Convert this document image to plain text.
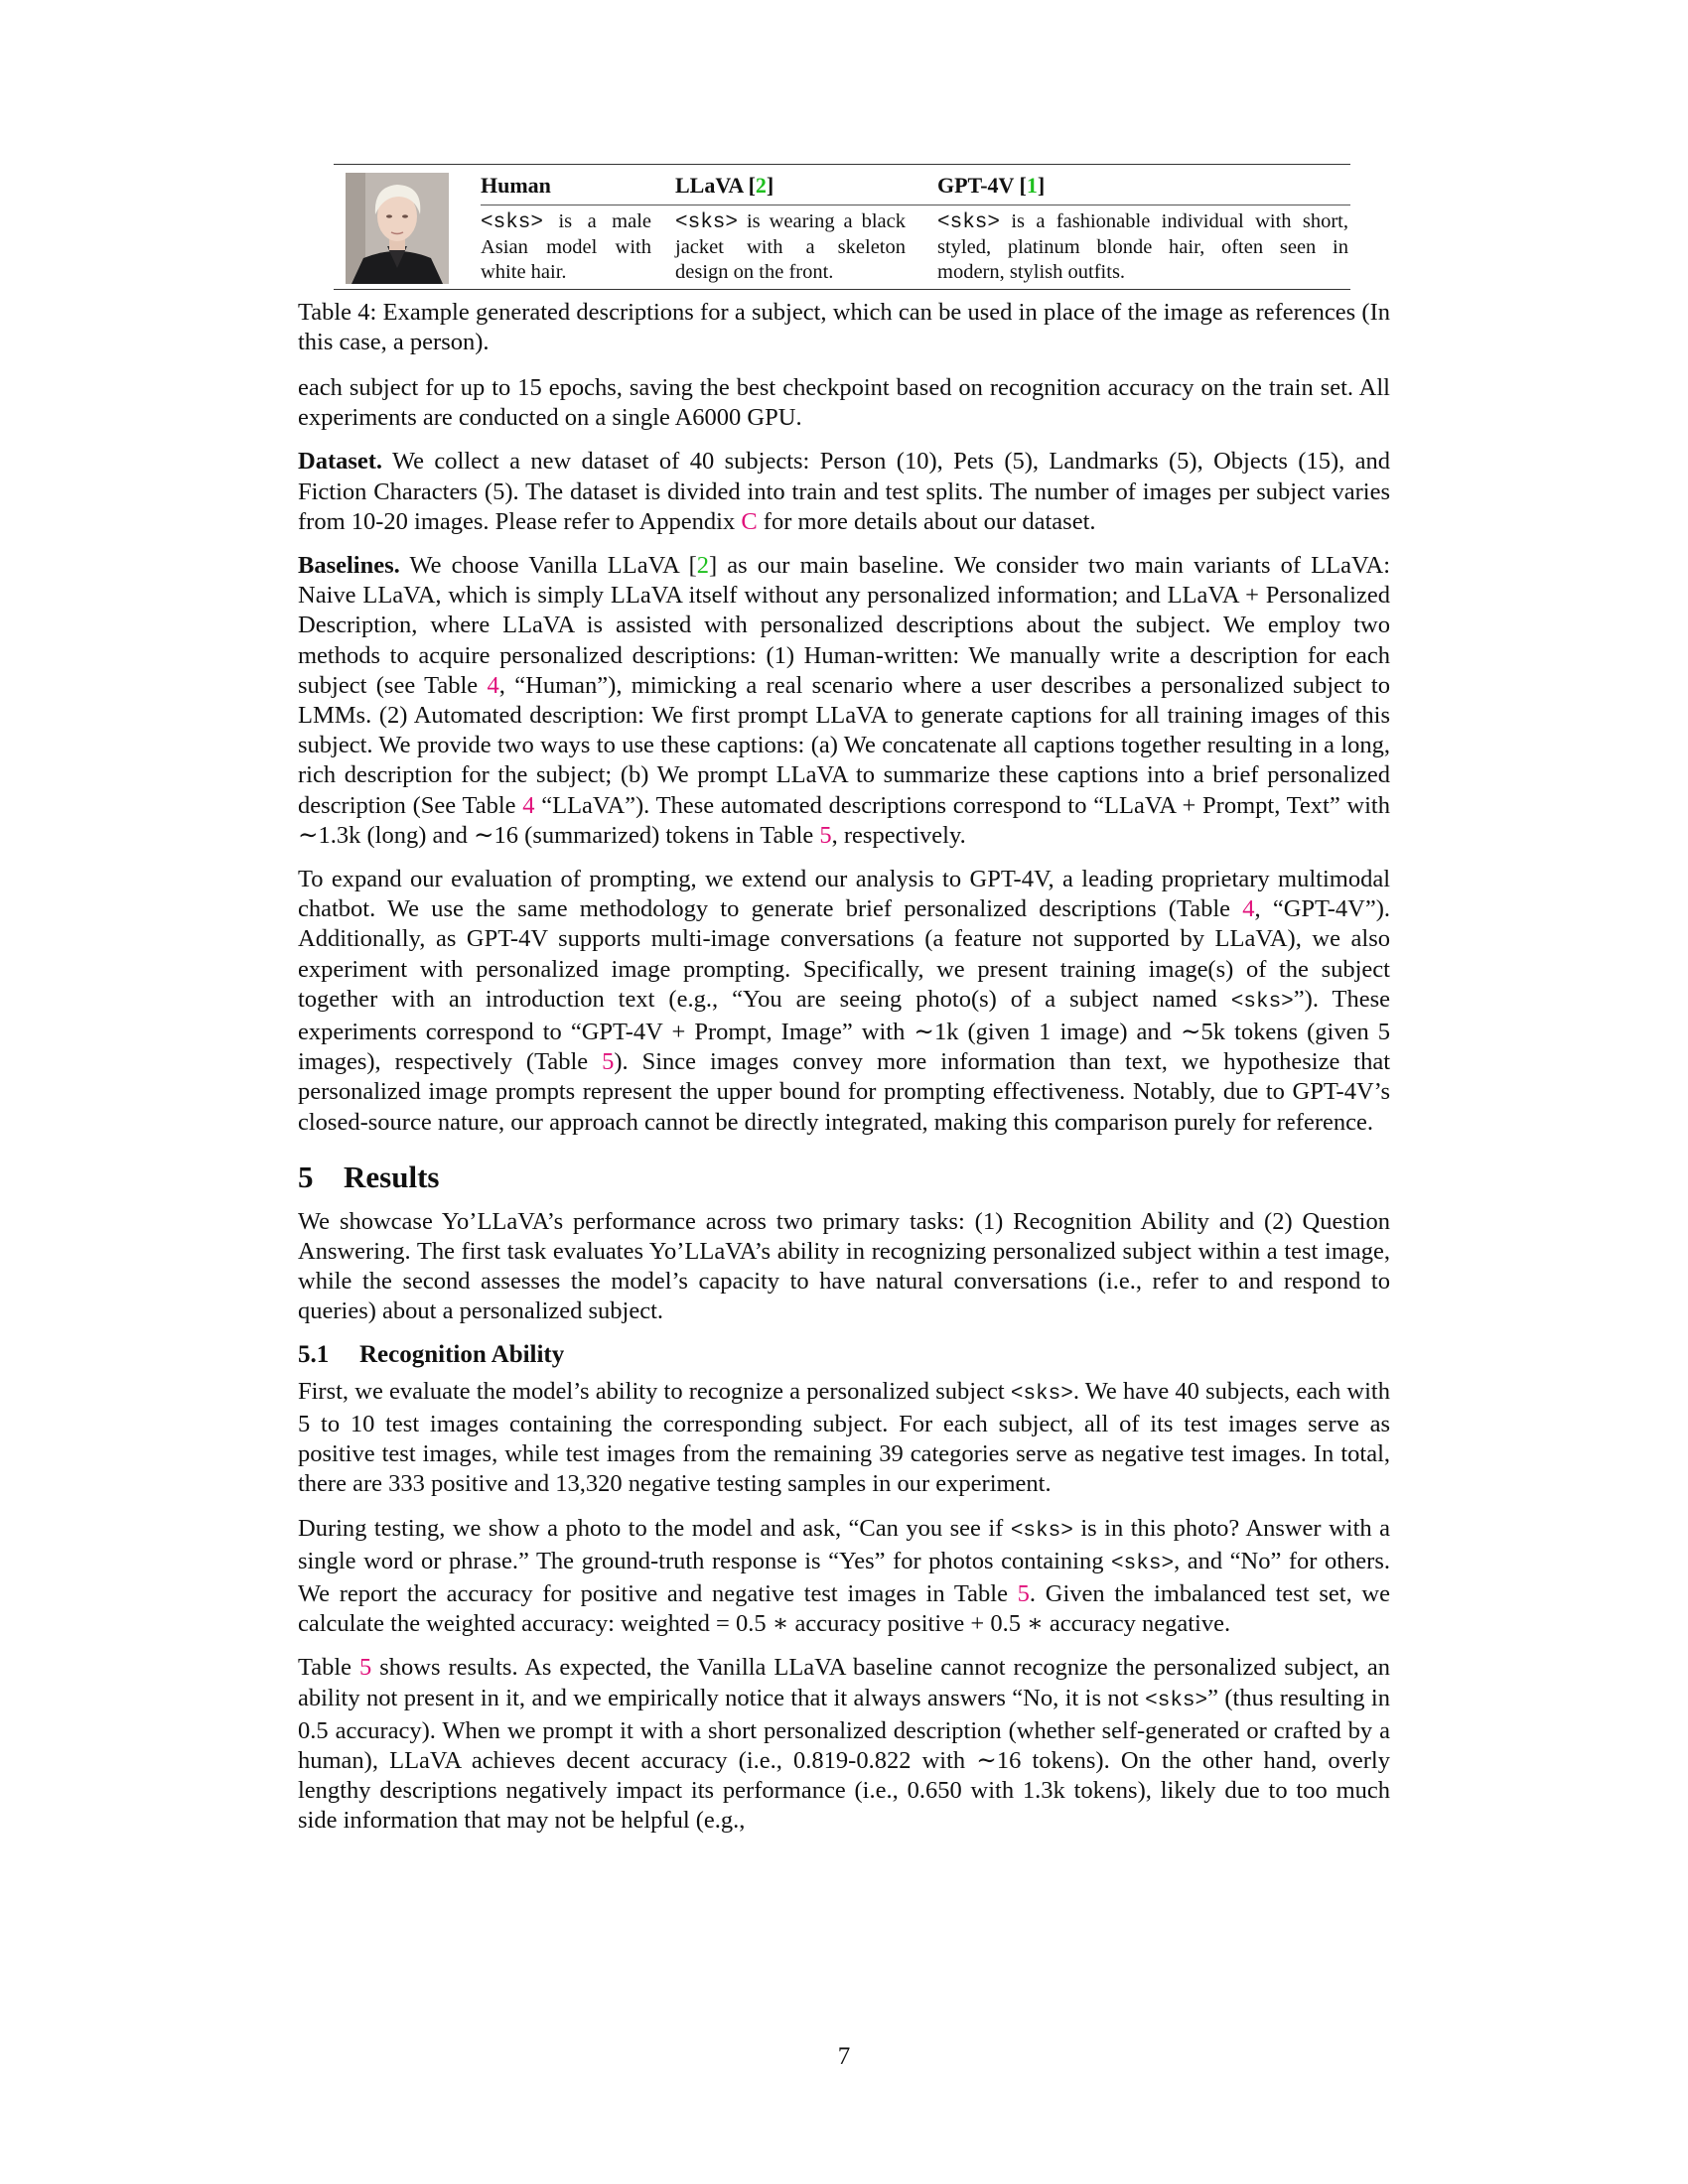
Human	LLaVA [2]	GPT-4V [1]
<sks> is a male Asian model with white hair.
<sks> is wearing a black jacket with a skeleton design on the front.
<sks> is a fashionable individual with short, styled, platinum blonde hair, often seen in modern, stylish outfits.
Table 4: Example generated descriptions for a subject, which can be used in place of the image as references (In this case, a person).

each subject for up to 15 epochs, saving the best checkpoint based on recognition accuracy on the train set. All experiments are conducted on a single A6000 GPU.

Dataset. We collect a new dataset of 40 subjects: Person (10), Pets (5), Landmarks (5), Objects (15), and Fiction Characters (5). The dataset is divided into train and test splits. The number of images per subject varies from 10-20 images. Please refer to Appendix C for more details about our dataset.

Baselines. We choose Vanilla LLaVA [2] as our main baseline. We consider two main variants of LLaVA: Naive LLaVA, which is simply LLaVA itself without any personalized information; and LLaVA + Personalized Description, where LLaVA is assisted with personalized descriptions about the subject. We employ two methods to acquire personalized descriptions: (1) Human-written: We manually write a description for each subject (see Table 4, “Human”), mimicking a real scenario where a user describes a personalized subject to LMMs. (2) Automated description: We first prompt LLaVA to generate captions for all training images of this subject. We provide two ways to use these captions: (a) We concatenate all captions together resulting in a long, rich description for the subject; (b) We prompt LLaVA to summarize these captions into a brief personalized description (See Table 4 “LLaVA”). These automated descriptions correspond to “LLaVA + Prompt, Text” with ∼1.3k (long) and ∼16 (summarized) tokens in Table 5, respectively.

To expand our evaluation of prompting, we extend our analysis to GPT-4V, a leading proprietary multimodal chatbot. We use the same methodology to generate brief personalized descriptions (Table 4, “GPT-4V”). Additionally, as GPT-4V supports multi-image conversations (a feature not supported by LLaVA), we also experiment with personalized image prompting. Specifically, we present training image(s) of the subject together with an introduction text (e.g., “You are seeing photo(s) of a subject named <sks>”). These experiments correspond to “GPT-4V + Prompt, Image” with ∼1k (given 1 image) and ∼5k tokens (given 5 images), respectively (Table 5). Since images convey more information than text, we hypothesize that personalized image prompts represent the upper bound for prompting effectiveness. Notably, due to GPT-4V’s closed-source nature, our approach cannot be directly integrated, making this comparison purely for reference.

5 Results

We showcase Yo’LLaVA’s performance across two primary tasks: (1) Recognition Ability and (2) Question Answering. The first task evaluates Yo’LLaVA’s ability in recognizing personalized subject within a test image, while the second assesses the model’s capacity to have natural conversations (i.e., refer to and respond to queries) about a personalized subject.

5.1 Recognition Ability

First, we evaluate the model’s ability to recognize a personalized subject <sks>. We have 40 subjects, each with 5 to 10 test images containing the corresponding subject. For each subject, all of its test images serve as positive test images, while test images from the remaining 39 categories serve as negative test images. In total, there are 333 positive and 13,320 negative testing samples in our experiment.

During testing, we show a photo to the model and ask, “Can you see if <sks> is in this photo? Answer with a single word or phrase.” The ground-truth response is “Yes” for photos containing <sks>, and “No” for others. We report the accuracy for positive and negative test images in Table 5. Given the imbalanced test set, we calculate the weighted accuracy: weighted = 0.5 ∗ accuracy positive + 0.5 ∗ accuracy negative.

Table 5 shows results. As expected, the Vanilla LLaVA baseline cannot recognize the personalized subject, an ability not present in it, and we empirically notice that it always answers “No, it is not <sks>” (thus resulting in 0.5 accuracy). When we prompt it with a short personalized description (whether self-generated or crafted by a human), LLaVA achieves decent accuracy (i.e., 0.819-0.822 with ∼16 tokens). On the other hand, overly lengthy descriptions negatively impact its performance (i.e., 0.650 with 1.3k tokens), likely due to too much side information that may not be helpful (e.g.,

7
